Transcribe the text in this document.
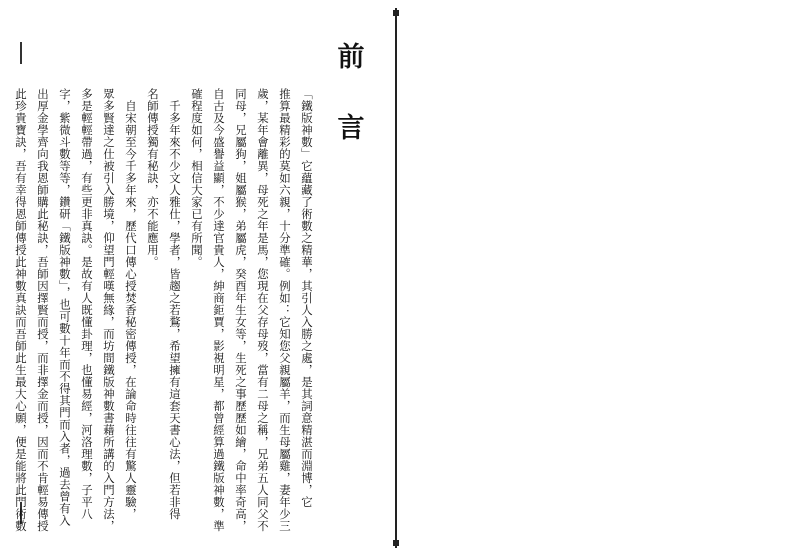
前
言
「鐵版神數」它蘊藏了術數之精華，其引人入勝之處，是其詞意精湛而淵博，它
推算最精彩的莫如六親，十分準確。例如：它知您父親屬羊，而生母屬雞，妻年少三
歲，某年會離異，母死之年是馬，您現在父存母歿，當有二母之稱，兄弟五人同父不
同母，兄屬狗，姐屬猴，弟屬虎，癸酉年生女等，生死之事歷歷如繪，命中率奇高，
自古及今盛譽益顯，不少達官貴人，紳商鉅賈，影視明星，都曾經算過鐵版神數，準
確程度如何，相信大家已有所聞。
千多年來不少文人雅仕，學者，皆趨之若鶩，希望擁有這套天書心法，但若非得
名師傳授獨有秘訣，亦不能應用。
自宋朝至今千多年來，歷代口傳心授焚香秘密傳授，在論命時往往有驚人靈驗，
眾多賢達之仕被引入勝境，仰望門輕嘆無緣，而坊間鐵版神數書藉所講的入門方法，
多是輕輕帶過，有些更非真訣。是故有人既懂卦理，也懂易經，河洛理數，子平八
字，紫微斗數等等，鑽研「鐵版神數」，也可數十年而不得其門而入者，過去曾有入
出厚金學齊向我恩師購此秘訣，吾師因擇賢而授，而非擇金而授，因而不肯輕易傳授
此珍貴寶訣，吾有幸得恩師傳授此神數真訣而吾師此生最大心願，便是能將此門術數
